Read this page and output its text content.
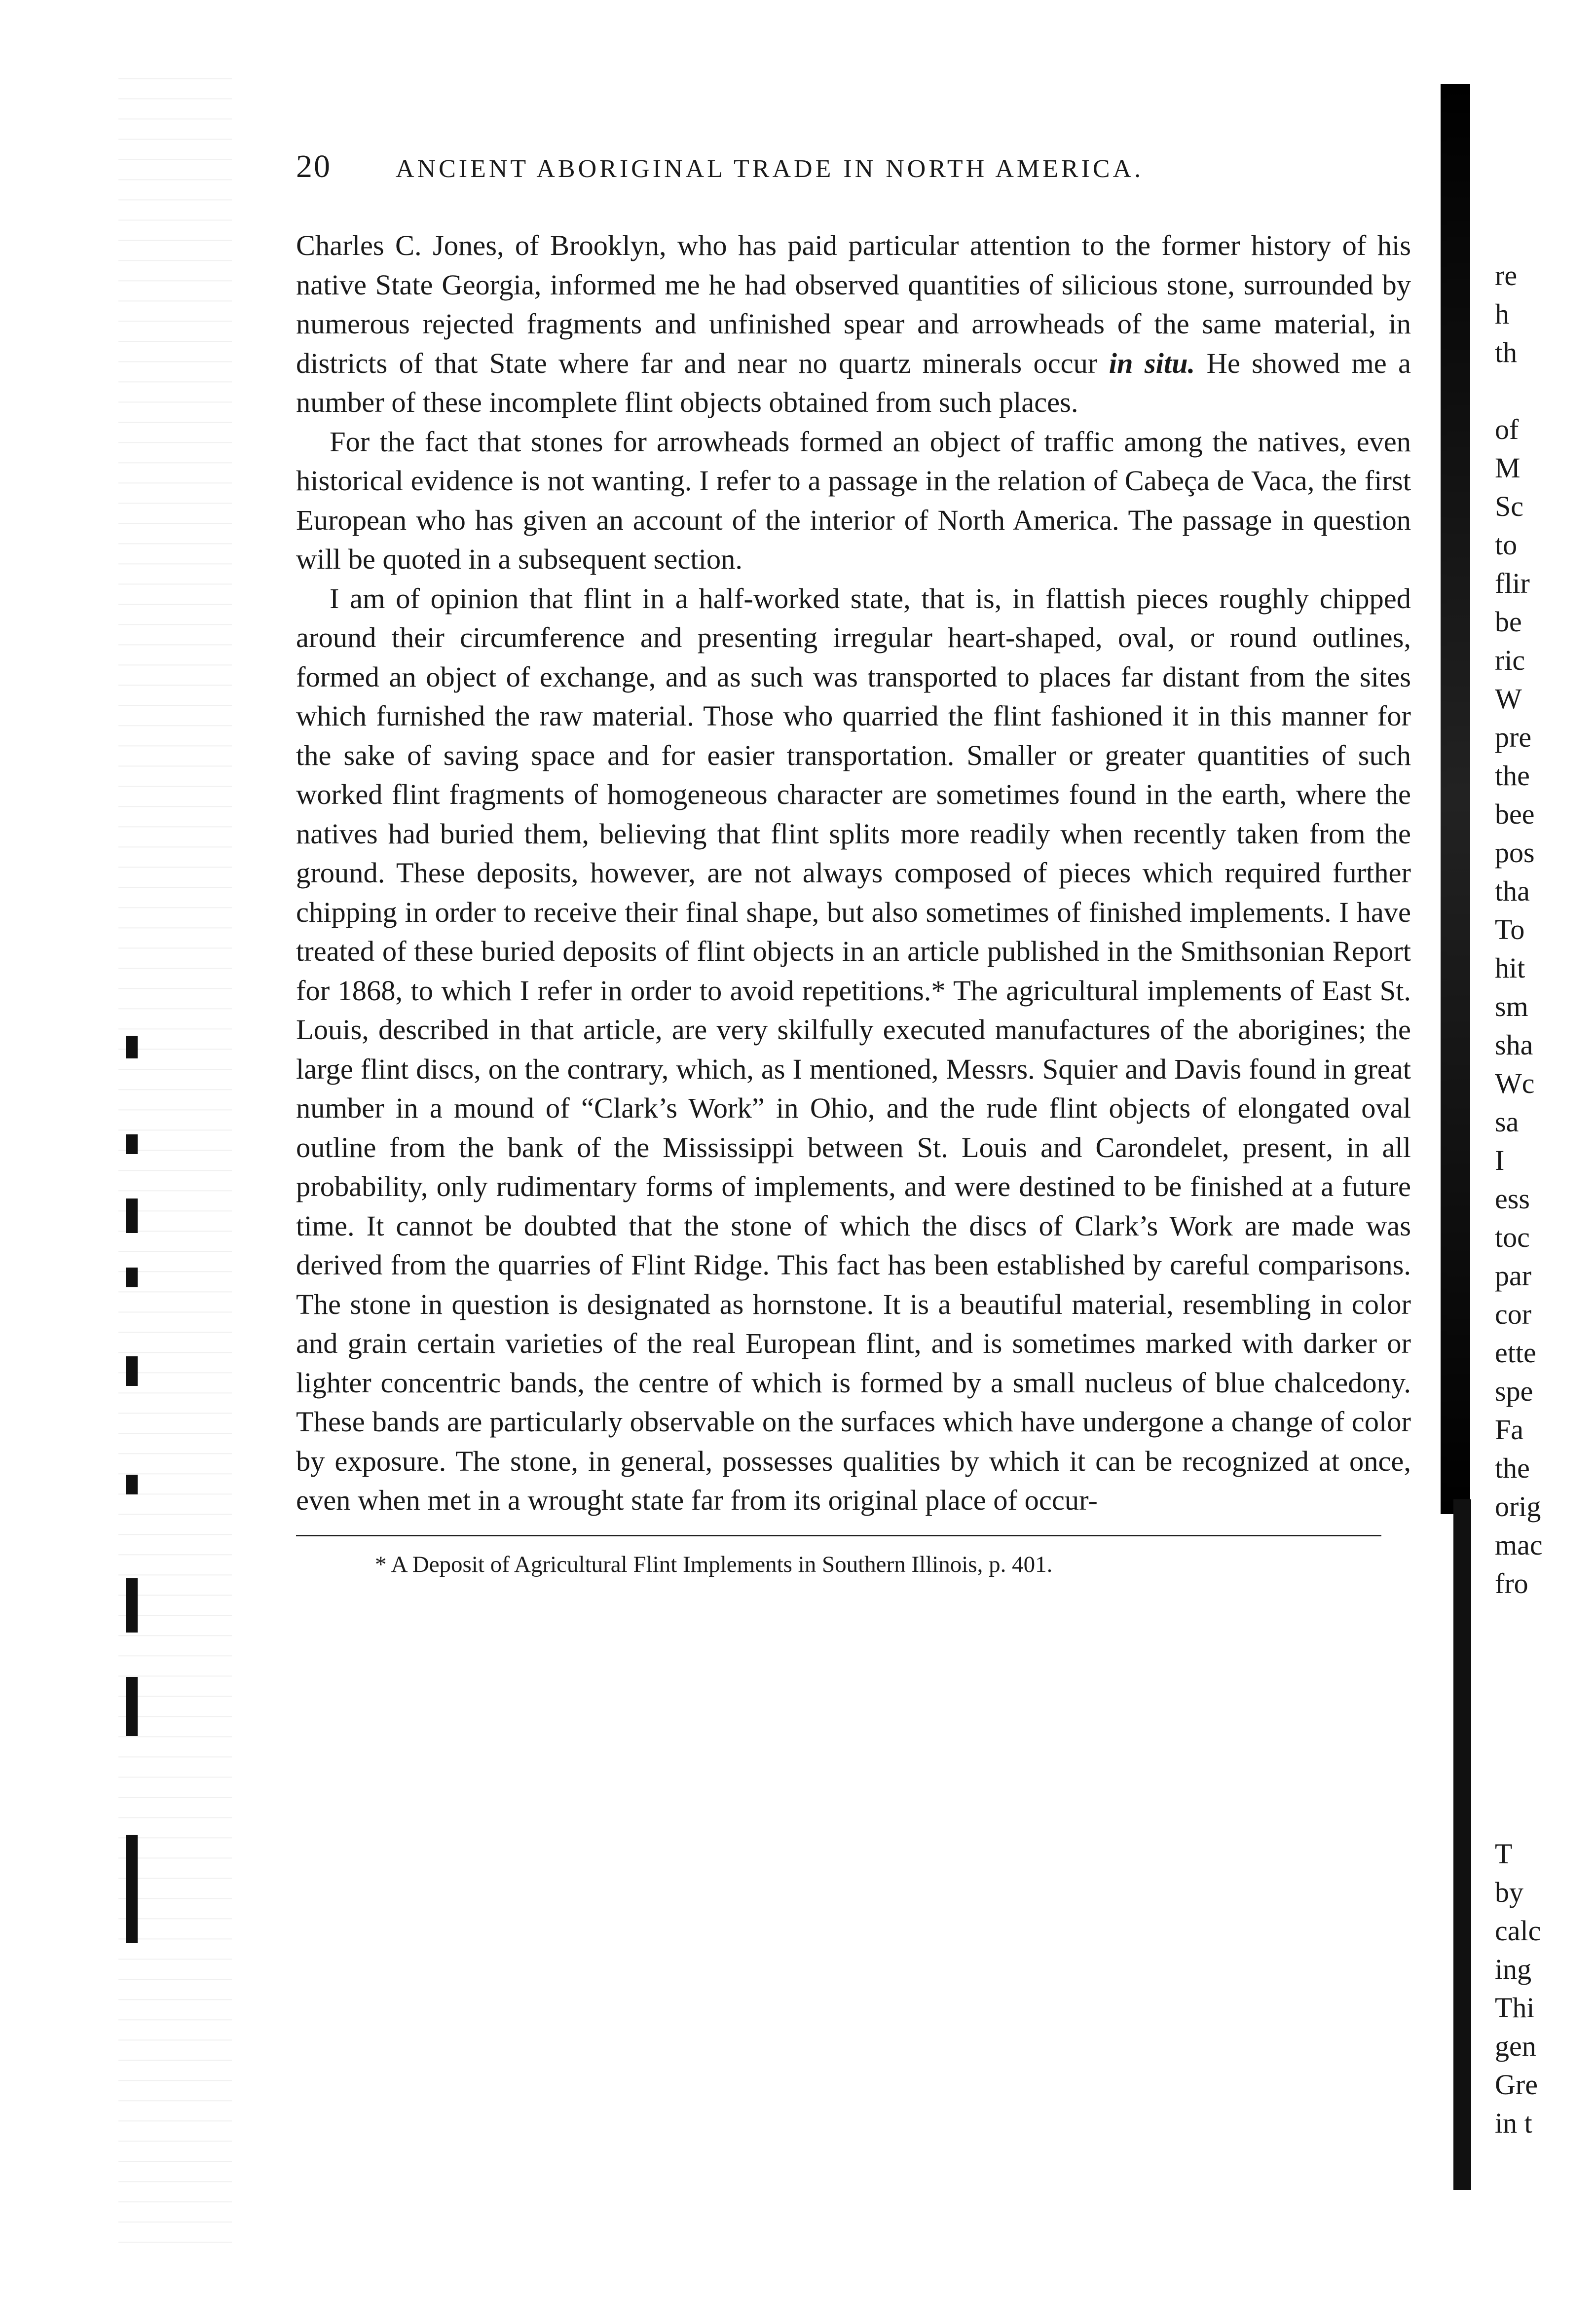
20	ANCIENT ABORIGINAL TRADE IN NORTH AMERICA.

Charles C. Jones, of Brooklyn, who has paid particular attention to the former history of his native State Georgia, informed me he had observed quantities of silicious stone, surrounded by numerous rejected fragments and unfinished spear and arrowheads of the same material, in districts of that State where far and near no quartz minerals occur in situ. He showed me a number of these incomplete flint objects obtained from such places.

For the fact that stones for arrowheads formed an object of traffic among the natives, even historical evidence is not wanting. I refer to a passage in the relation of Cabeça de Vaca, the first European who has given an account of the interior of North America. The passage in question will be quoted in a subsequent section.

I am of opinion that flint in a half-worked state, that is, in flattish pieces roughly chipped around their circumference and presenting irregular heart-shaped, oval, or round outlines, formed an object of exchange, and as such was transported to places far distant from the sites which furnished the raw material. Those who quarried the flint fashioned it in this manner for the sake of saving space and for easier transportation. Smaller or greater quantities of such worked flint fragments of homogeneous character are sometimes found in the earth, where the natives had buried them, believing that flint splits more readily when recently taken from the ground. These deposits, however, are not always composed of pieces which required further chipping in order to receive their final shape, but also sometimes of finished implements. I have treated of these buried deposits of flint objects in an article published in the Smithsonian Report for 1868, to which I refer in order to avoid repetitions.* The agricultural implements of East St. Louis, described in that article, are very skilfully executed manufactures of the aborigines; the large flint discs, on the contrary, which, as I mentioned, Messrs. Squier and Davis found in great number in a mound of “Clark’s Work” in Ohio, and the rude flint objects of elongated oval outline from the bank of the Mississippi between St. Louis and Carondelet, present, in all probability, only rudimentary forms of implements, and were destined to be finished at a future time. It cannot be doubted that the stone of which the discs of Clark’s Work are made was derived from the quarries of Flint Ridge. This fact has been established by careful comparisons. The stone in question is designated as hornstone. It is a beautiful material, resembling in color and grain certain varieties of the real European flint, and is sometimes marked with darker or lighter concentric bands, the centre of which is formed by a small nucleus of blue chalcedony. These bands are particularly observable on the surfaces which have undergone a change of color by exposure. The stone, in general, possesses qualities by which it can be recognized at once, even when met in a wrought state far from its original place of occur-

* A Deposit of Agricultural Flint Implements in Southern Illinois, p. 401.
re
h
th

of
M
Sc
to
flir
be
ric
W
pre
the
bee
pos
tha
To
hit
sm
sha
Wc
sa
I
ess
toc
par
cor
ette
spe
Fa
the
orig
mac
fro
T
by
calc
ing
Thi
gen
Gre
in t
